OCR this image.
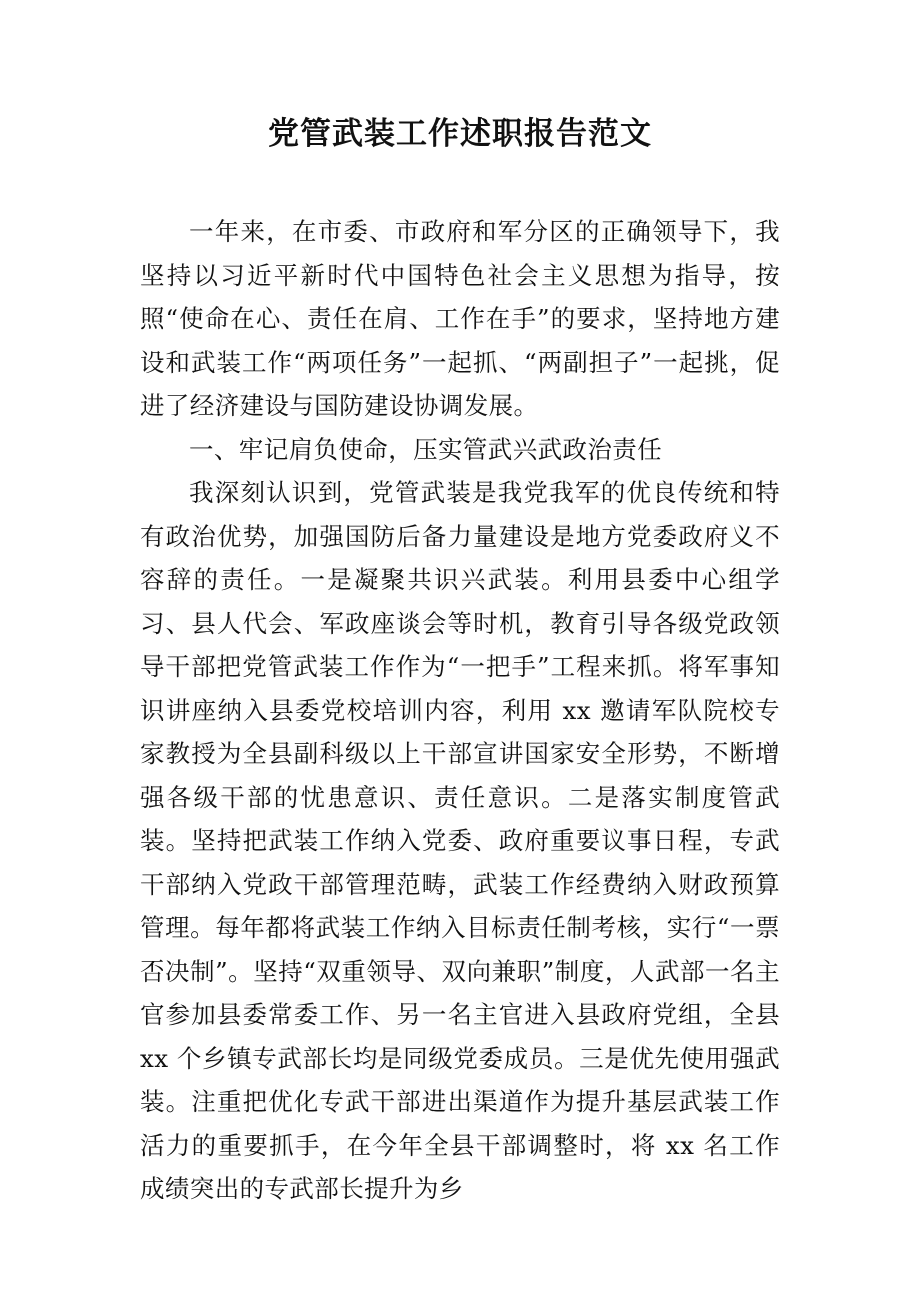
党管武装工作述职报告范文

一年来，在市委、市政府和军分区的正确领导下，我坚持以习近平新时代中国特色社会主义思想为指导，按照“使命在心、责任在肩、工作在手”的要求，坚持地方建设和武装工作“两项任务”一起抓、“两副担子”一起挑，促进了经济建设与国防建设协调发展。

一、牢记肩负使命，压实管武兴武政治责任

我深刻认识到，党管武装是我党我军的优良传统和特有政治优势，加强国防后备力量建设是地方党委政府义不容辞的责任。一是凝聚共识兴武装。利用县委中心组学习、县人代会、军政座谈会等时机，教育引导各级党政领导干部把党管武装工作作为“一把手”工程来抓。将军事知识讲座纳入县委党校培训内容，利用 xx 邀请军队院校专家教授为全县副科级以上干部宣讲国家安全形势，不断增强各级干部的忧患意识、责任意识。二是落实制度管武装。坚持把武装工作纳入党委、政府重要议事日程，专武干部纳入党政干部管理范畴，武装工作经费纳入财政预算管理。每年都将武装工作纳入目标责任制考核，实行“一票否决制”。坚持“双重领导、双向兼职”制度，人武部一名主官参加县委常委工作、另一名主官进入县政府党组，全县 xx 个乡镇专武部长均是同级党委成员。三是优先使用强武装。注重把优化专武干部进出渠道作为提升基层武装工作活力的重要抓手，在今年全县干部调整时，将 xx 名工作成绩突出的专武部长提升为乡
